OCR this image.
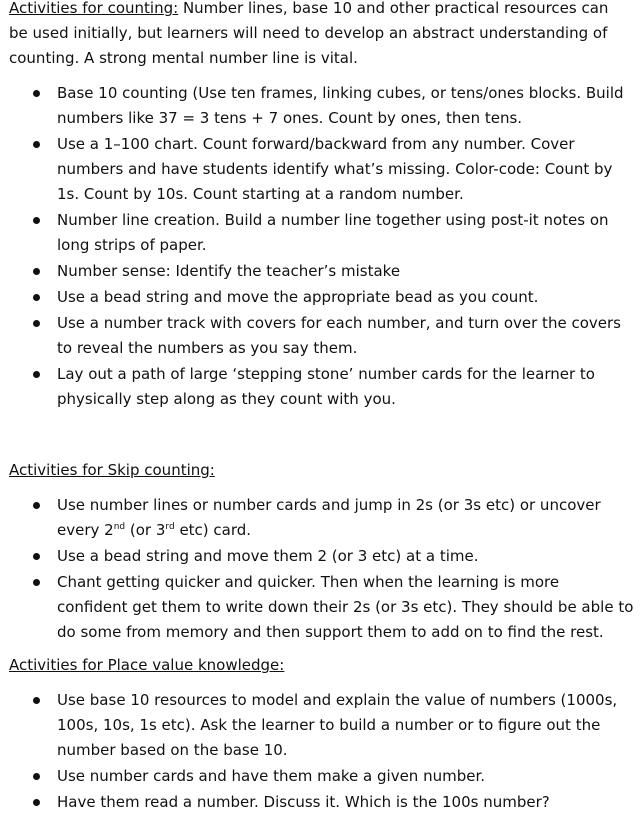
Activities for counting: Number lines, base 10 and other practical resources can be used initially, but learners will need to develop an abstract understanding of counting. A strong mental number line is vital.

Base 10 counting (Use ten frames, linking cubes, or tens/ones blocks. Build numbers like 37 = 3 tens + 7 ones. Count by ones, then tens.
Use a 1–100 chart. Count forward/backward from any number. Cover numbers and have students identify what’s missing. Color-code: Count by 1s. Count by 10s. Count starting at a random number.
Number line creation. Build a number line together using post-it notes on long strips of paper.
Number sense: Identify the teacher’s mistake
Use a bead string and move the appropriate bead as you count.
Use a number track with covers for each number, and turn over the covers to reveal the numbers as you say them.
Lay out a path of large ‘stepping stone’ number cards for the learner to physically step along as they count with you.

Activities for Skip counting:

Use number lines or number cards and jump in 2s (or 3s etc) or uncover every 2nd (or 3rd etc) card.
Use a bead string and move them 2 (or 3 etc) at a time.
Chant getting quicker and quicker. Then when the learning is more confident get them to write down their 2s (or 3s etc). They should be able to do some from memory and then support them to add on to find the rest.

Activities for Place value knowledge:

Use base 10 resources to model and explain the value of numbers (1000s, 100s, 10s, 1s etc). Ask the learner to build a number or to figure out the number based on the base 10.
Use number cards and have them make a given number.
Have them read a number. Discuss it. Which is the 100s number?
